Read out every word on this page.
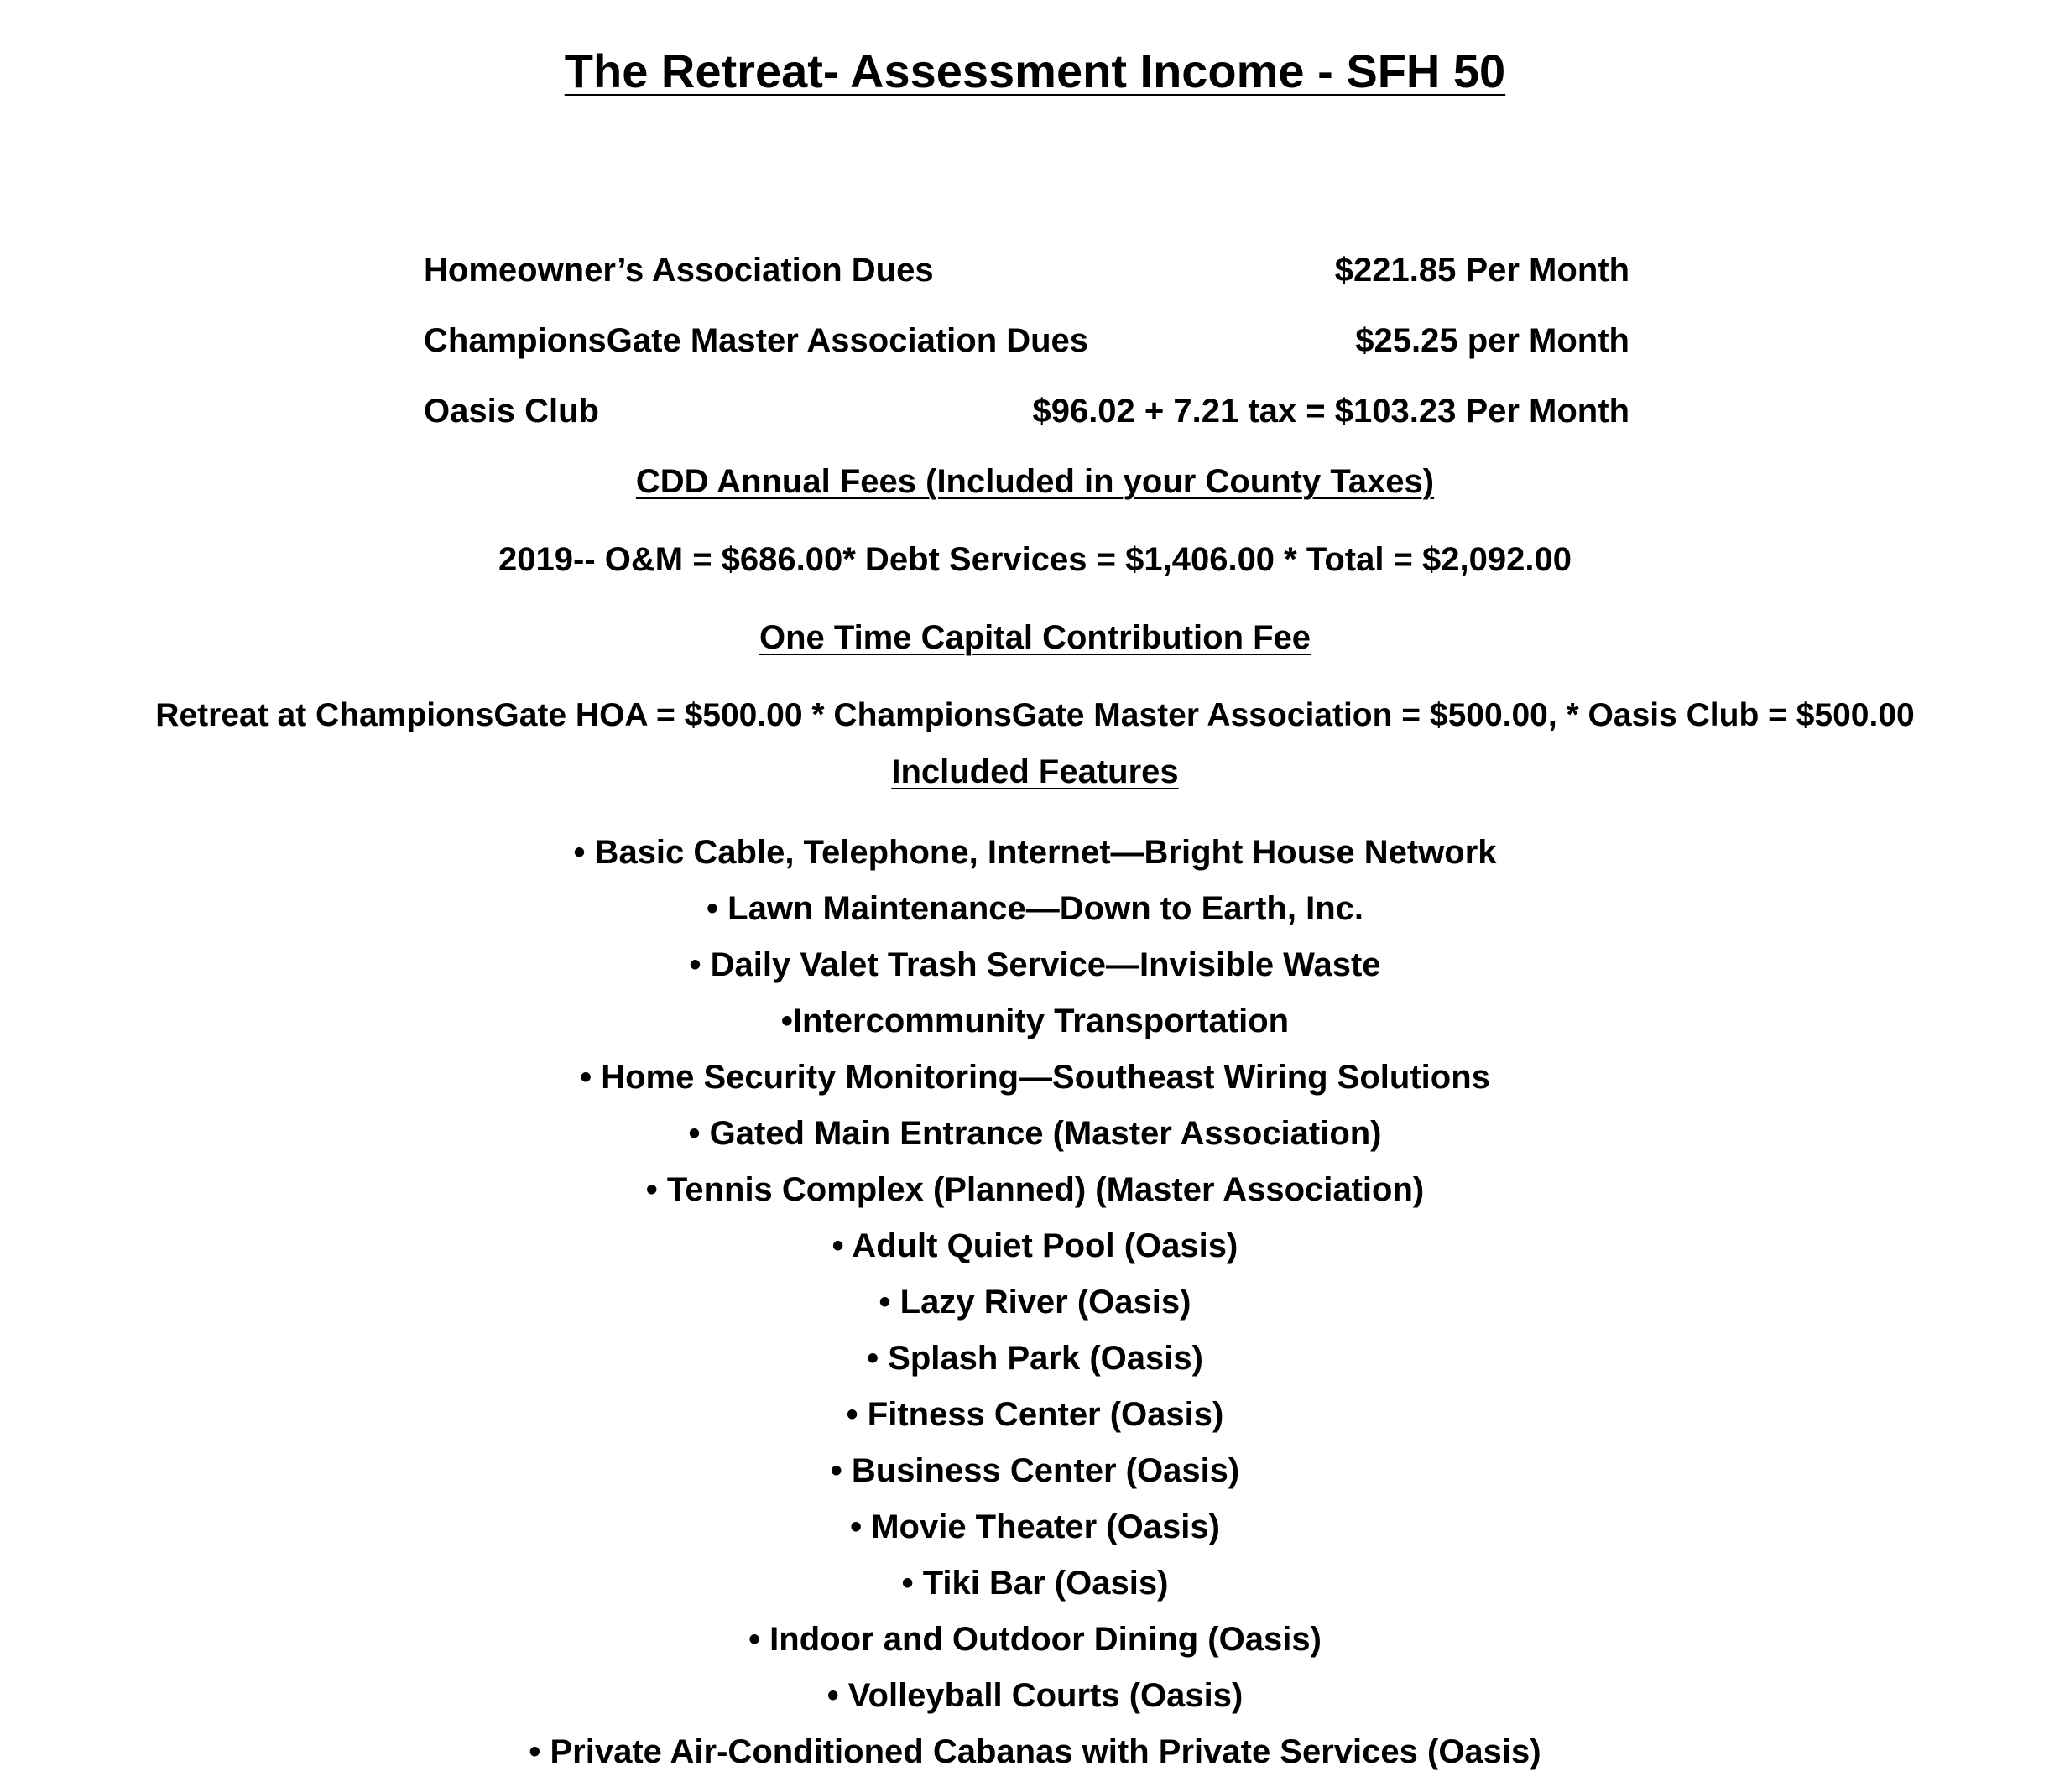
The Retreat- Assessment Income - SFH 50
Homeowner’s Association Dues	$221.85 Per Month
ChampionsGate Master Association Dues	$25.25 per Month
Oasis Club	$96.02 + 7.21 tax = $103.23 Per Month
CDD Annual Fees (Included in your County Taxes)
2019-- O&M = $686.00* Debt Services = $1,406.00 * Total = $2,092.00
One Time Capital Contribution Fee
Retreat at ChampionsGate HOA = $500.00 * ChampionsGate Master Association = $500.00, * Oasis Club = $500.00
Included Features
• Basic Cable, Telephone, Internet—Bright House Network
• Lawn Maintenance—Down to Earth, Inc.
• Daily Valet Trash Service—Invisible Waste
•Intercommunity Transportation
• Home Security Monitoring—Southeast Wiring Solutions
• Gated Main Entrance (Master Association)
• Tennis Complex (Planned) (Master Association)
• Adult Quiet Pool (Oasis)
• Lazy River (Oasis)
• Splash Park (Oasis)
• Fitness Center (Oasis)
• Business Center (Oasis)
• Movie Theater (Oasis)
• Tiki Bar (Oasis)
• Indoor and Outdoor Dining (Oasis)
• Volleyball Courts (Oasis)
• Private Air-Conditioned Cabanas with Private Services (Oasis)
